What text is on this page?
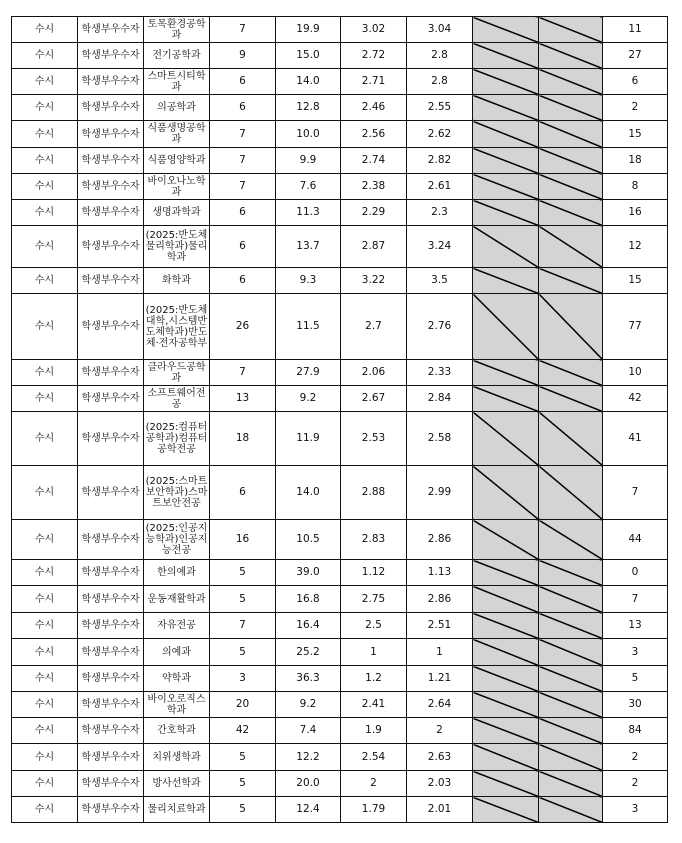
수시	학생부우수자	토목환경공학과	7	19.9	3.02	3.04			11
수시	학생부우수자	전기공학과	9	15.0	2.72	2.8			27
수시	학생부우수자	스마트시티학과	6	14.0	2.71	2.8			6
수시	학생부우수자	의공학과	6	12.8	2.46	2.55			2
수시	학생부우수자	식품생명공학과	7	10.0	2.56	2.62			15
수시	학생부우수자	식품영양학과	7	9.9	2.74	2.82			18
수시	학생부우수자	바이오나노학과	7	7.6	2.38	2.61			8
수시	학생부우수자	생명과학과	6	11.3	2.29	2.3			16
수시	학생부우수자	(2025:반도체물리학과)물리학과	6	13.7	2.87	3.24			12
수시	학생부우수자	화학과	6	9.3	3.22	3.5			15
수시	학생부우수자	(2025:반도체대학,시스템반도체학과)반도체·전자공학부	26	11.5	2.7	2.76			77
수시	학생부우수자	클라우드공학과	7	27.9	2.06	2.33			10
수시	학생부우수자	소프트웨어전공	13	9.2	2.67	2.84			42
수시	학생부우수자	(2025:컴퓨터공학과)컴퓨터공학전공	18	11.9	2.53	2.58			41
수시	학생부우수자	(2025:스마트보안학과)스마트보안전공	6	14.0	2.88	2.99			7
수시	학생부우수자	(2025:인공지능학과)인공지능전공	16	10.5	2.83	2.86			44
수시	학생부우수자	한의예과	5	39.0	1.12	1.13			0
수시	학생부우수자	운동재활학과	5	16.8	2.75	2.86			7
수시	학생부우수자	자유전공	7	16.4	2.5	2.51			13
수시	학생부우수자	의예과	5	25.2	1	1			3
수시	학생부우수자	약학과	3	36.3	1.2	1.21			5
수시	학생부우수자	바이오로직스학과	20	9.2	2.41	2.64			30
수시	학생부우수자	간호학과	42	7.4	1.9	2			84
수시	학생부우수자	치위생학과	5	12.2	2.54	2.63			2
수시	학생부우수자	방사선학과	5	20.0	2	2.03			2
수시	학생부우수자	물리치료학과	5	12.4	1.79	2.01			3
